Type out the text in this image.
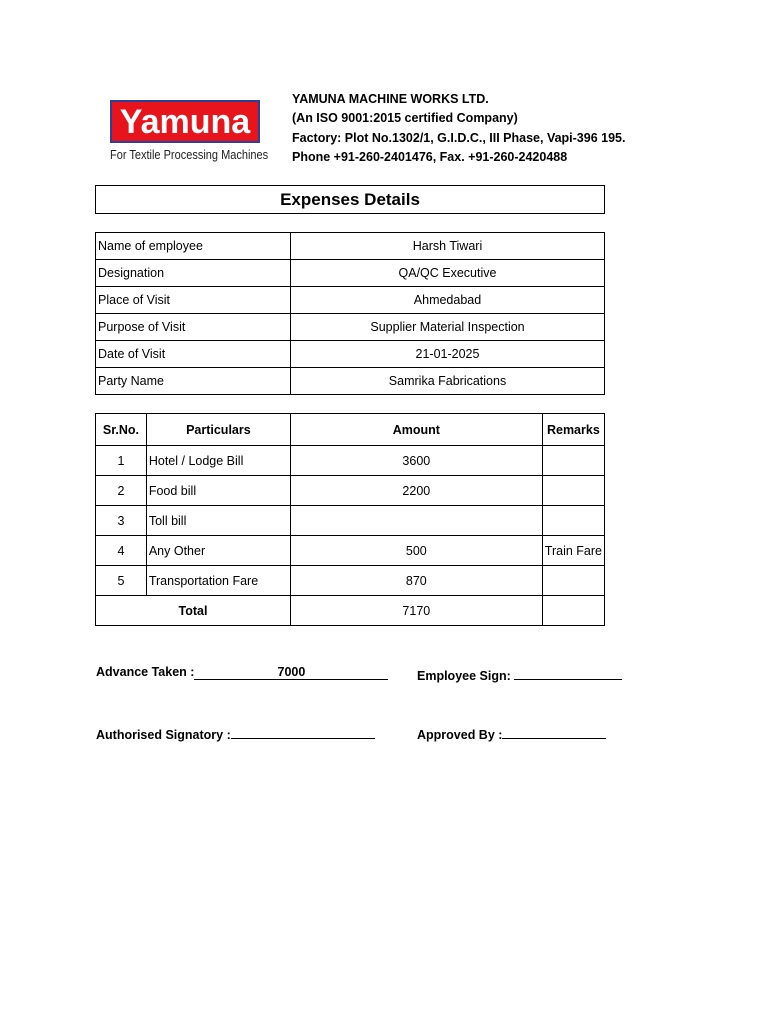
Yamuna
For Textile Processing Machines
YAMUNA MACHINE WORKS LTD.
(An ISO 9001:2015 certified Company)
Factory: Plot No.1302/1, G.I.D.C., III Phase, Vapi-396 195.
Phone +91-260-2401476, Fax. +91-260-2420488
Expenses Details
Name of employee	Harsh Tiwari
Designation	QA/QC Executive
Place of Visit	Ahmedabad
Purpose of Visit	Supplier Material Inspection
Date of Visit	21-01-2025
Party Name	Samrika Fabrications
Sr.No.	Particulars	Amount	Remarks
1	Hotel / Lodge Bill	3600	
2	Food bill	2200	
3	Toll bill		
4	Any Other	500	Train Fare
5	Transportation Fare	870	
Total		7170	
Advance Taken :	7000	Employee Sign:
Authorised Signatory :	Approved By :
